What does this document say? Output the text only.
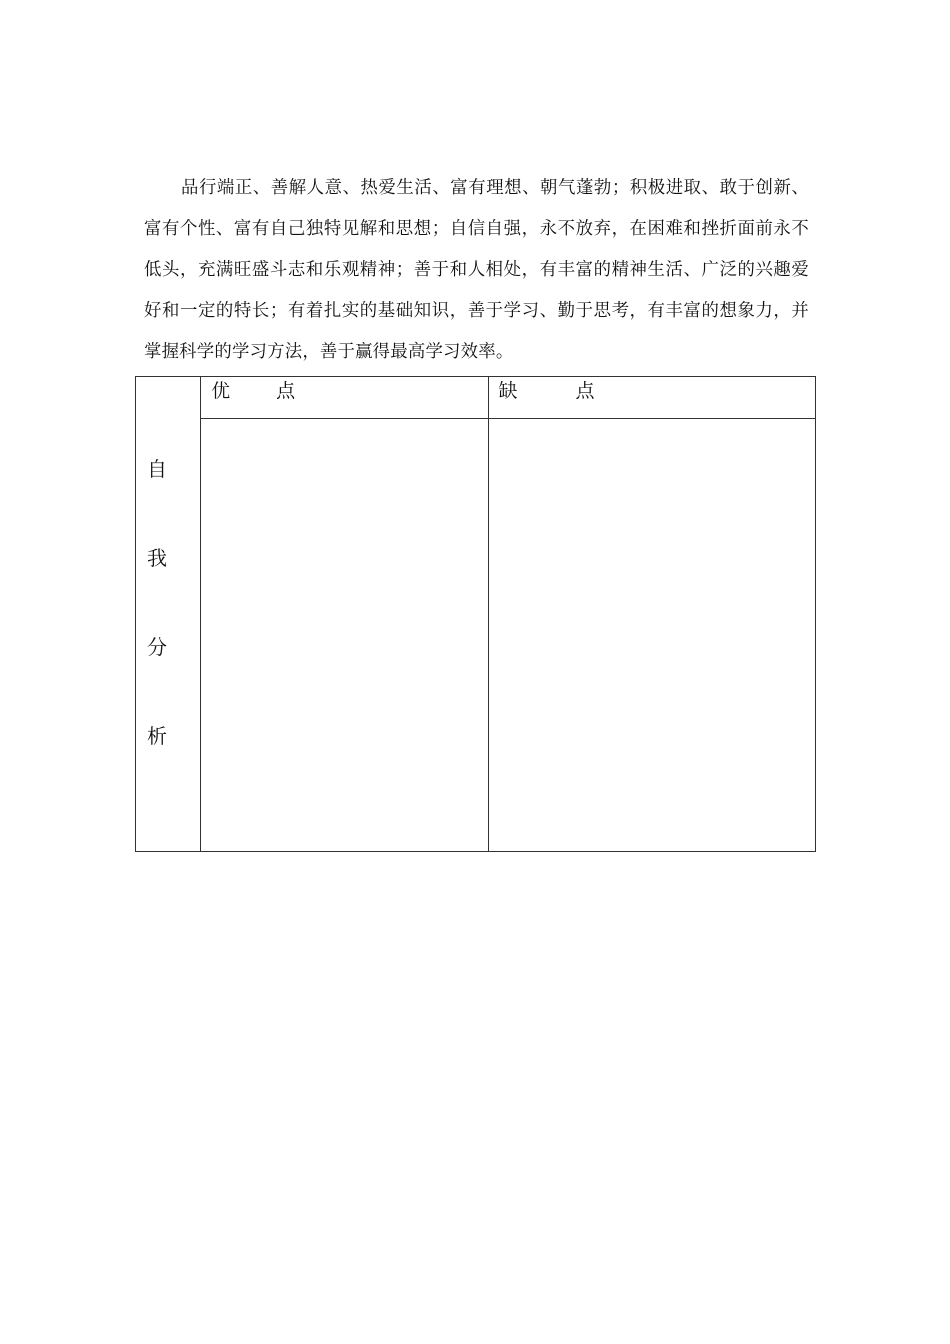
品行端正、善解人意、热爱生活、富有理想、朝气蓬勃；积极进取、敢于创新、富有个性、富有自己独特见解和思想；自信自强，永不放弃，在困难和挫折面前永不低头，充满旺盛斗志和乐观精神；善于和人相处，有丰富的精神生活、广泛的兴趣爱好和一定的特长；有着扎实的基础知识，善于学习、勤于思考，有丰富的想象力，并掌握科学的学习方法，善于赢得最高学习效率。

自
我
分
析	优 点	缺 点
